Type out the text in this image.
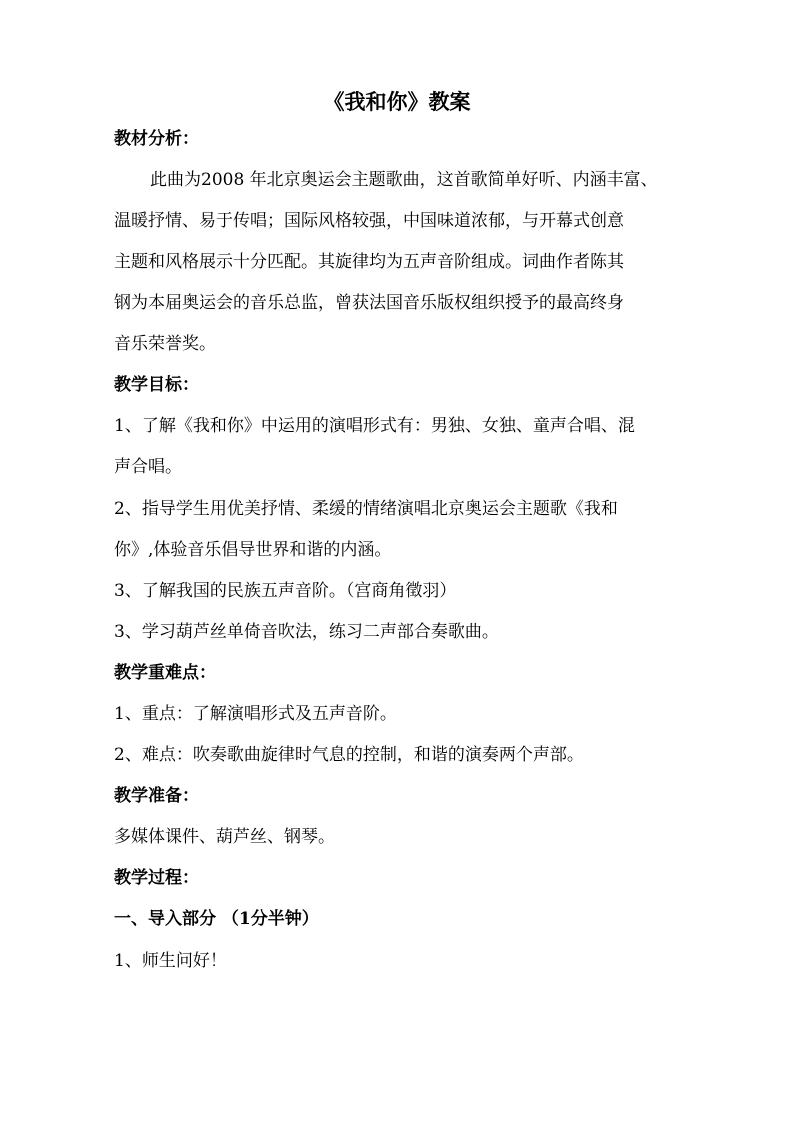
《我和你》教案
教材分析：
此曲为2008 年北京奥运会主题歌曲，这首歌简单好听、内涵丰富、
温暖抒情、易于传唱；国际风格较强，中国味道浓郁，与开幕式创意
主题和风格展示十分匹配。其旋律均为五声音阶组成。词曲作者陈其
钢为本届奥运会的音乐总监，曾获法国音乐版权组织授予的最高终身
音乐荣誉奖。
教学目标：
1、了解《我和你》中运用的演唱形式有：男独、女独、童声合唱、混
声合唱。
2、指导学生用优美抒情、柔缓的情绪演唱北京奥运会主题歌《我和
你》,体验音乐倡导世界和谐的内涵。
3、了解我国的民族五声音阶。（宫商角徵羽）
3、学习葫芦丝单倚音吹法，练习二声部合奏歌曲。
教学重难点：
1、重点：了解演唱形式及五声音阶。
2、难点：吹奏歌曲旋律时气息的控制，和谐的演奏两个声部。
教学准备：
多媒体课件、葫芦丝、钢琴。
教学过程：
一、导入部分 （1分半钟）
1、师生问好！
